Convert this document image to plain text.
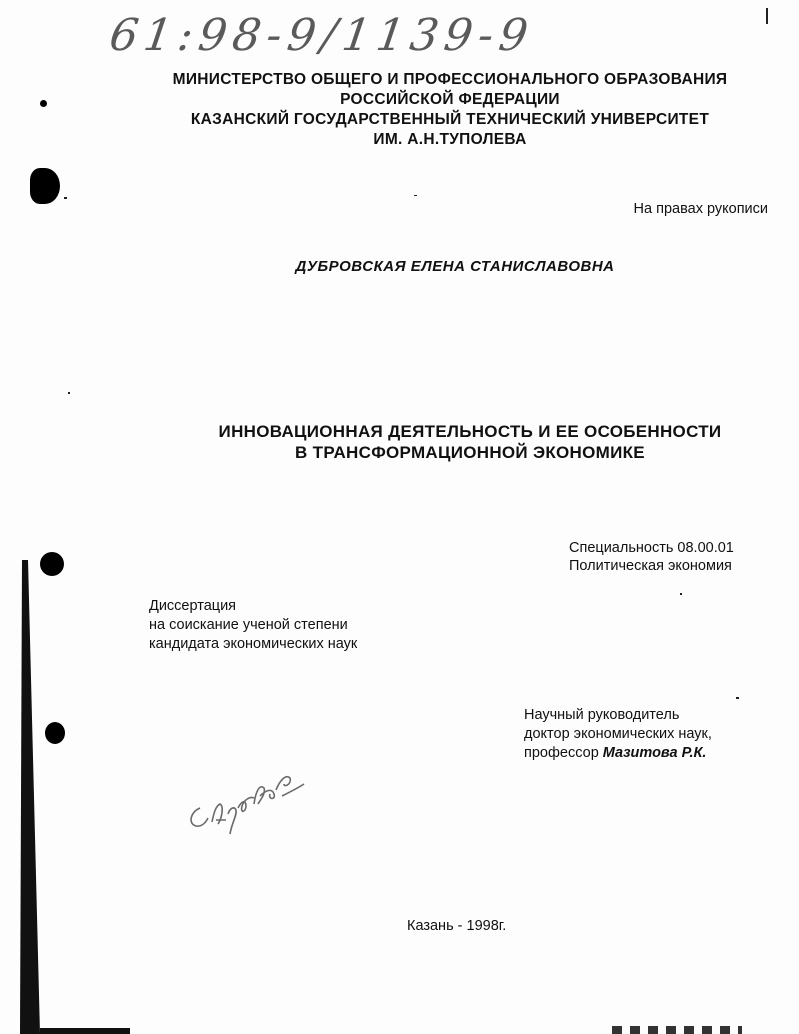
61:98-9/1139-9
МИНИСТЕРСТВО ОБЩЕГО И ПРОФЕССИОНАЛЬНОГО ОБРАЗОВАНИЯ
РОССИЙСКОЙ ФЕДЕРАЦИИ
КАЗАНСКИЙ ГОСУДАРСТВЕННЫЙ ТЕХНИЧЕСКИЙ УНИВЕРСИТЕТ
ИМ. А.Н.ТУПОЛЕВА
На правах рукописи
ДУБРОВСКАЯ ЕЛЕНА СТАНИСЛАВОВНА
ИННОВАЦИОННАЯ ДЕЯТЕЛЬНОСТЬ И ЕЕ ОСОБЕННОСТИ
В ТРАНСФОРМАЦИОННОЙ ЭКОНОМИКЕ
Специальность 08.00.01
Политическая экономия
Диссертация
на соискание ученой степени
кандидата экономических наук
Научный руководитель
доктор экономических наук,
профессор Мазитова Р.К.
Казань - 1998г.
